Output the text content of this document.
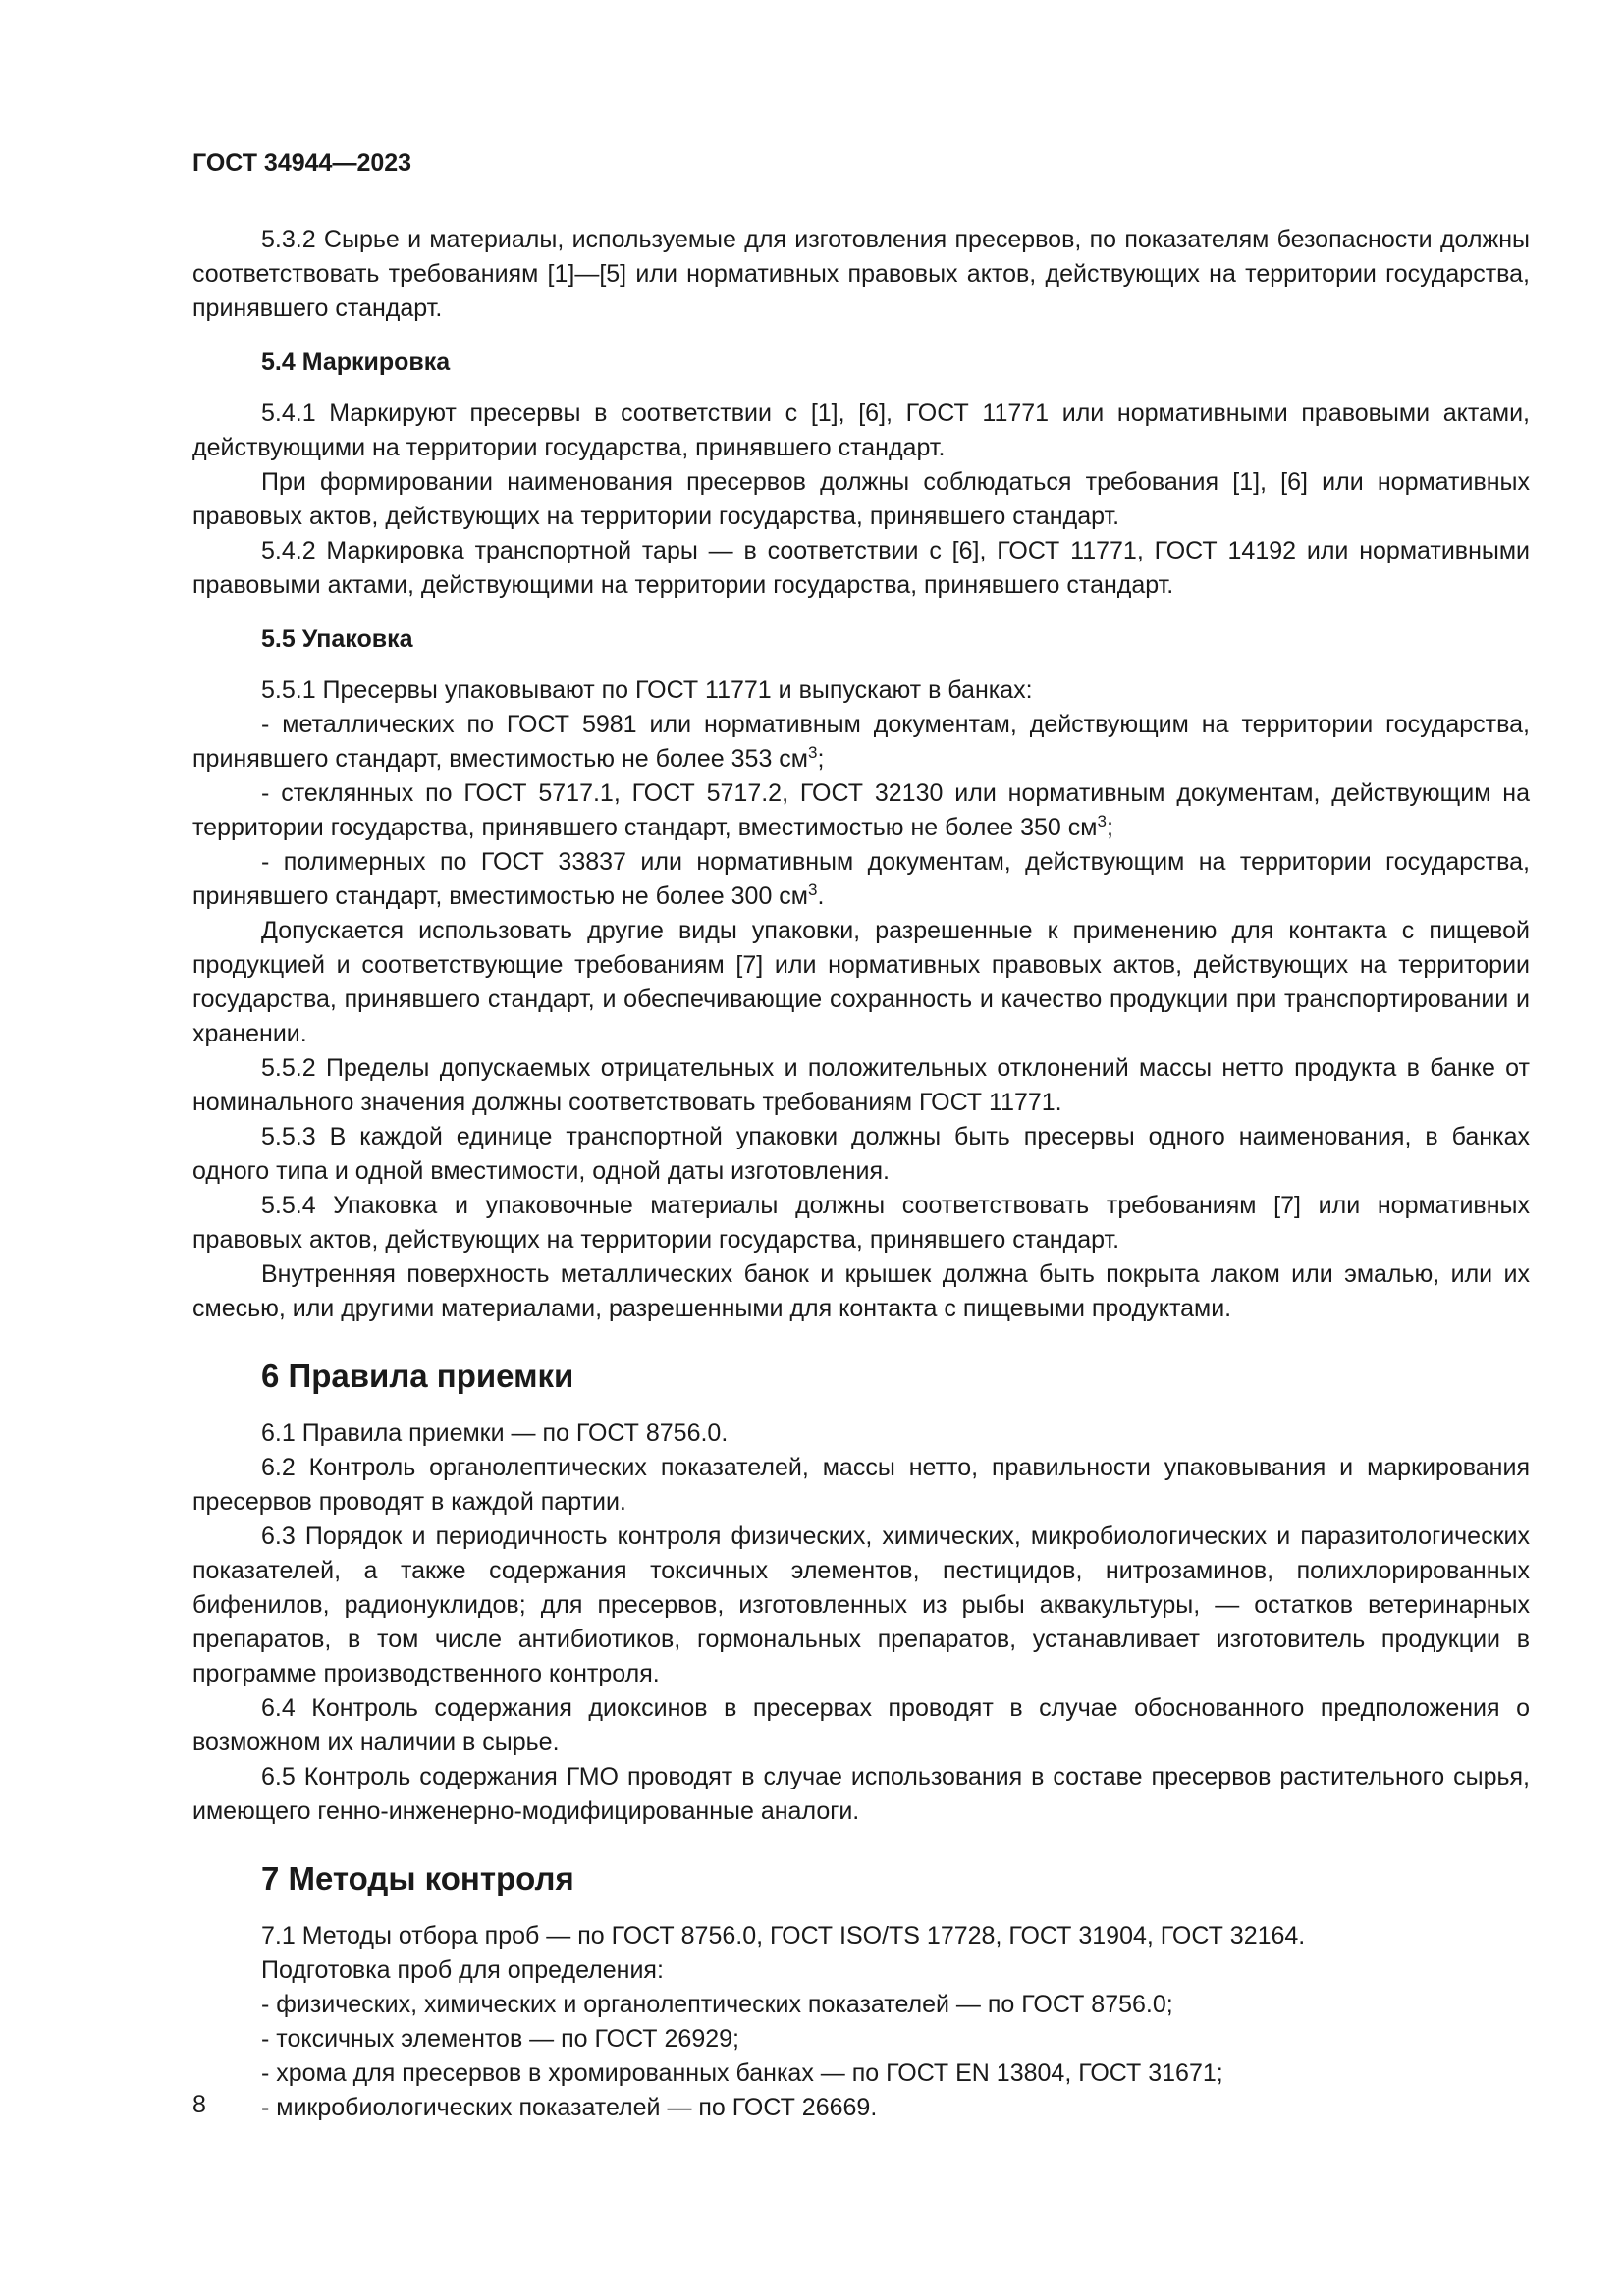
ГОСТ 34944—2023

5.3.2 Сырье и материалы, используемые для изготовления пресервов, по показателям безопасности должны соответствовать требованиям [1]—[5] или нормативных правовых актов, действующих на территории государства, принявшего стандарт.

5.4 Маркировка

5.4.1 Маркируют пресервы в соответствии с [1], [6], ГОСТ 11771 или нормативными правовыми актами, действующими на территории государства, принявшего стандарт.

При формировании наименования пресервов должны соблюдаться требования [1], [6] или нормативных правовых актов, действующих на территории государства, принявшего стандарт.

5.4.2 Маркировка транспортной тары — в соответствии с [6], ГОСТ 11771, ГОСТ 14192 или нормативными правовыми актами, действующими на территории государства, принявшего стандарт.

5.5 Упаковка

5.5.1 Пресервы упаковывают по ГОСТ 11771 и выпускают в банках:

- металлических по ГОСТ 5981 или нормативным документам, действующим на территории государства, принявшего стандарт, вместимостью не более 353 $см^3$;

- стеклянных по ГОСТ 5717.1, ГОСТ 5717.2, ГОСТ 32130 или нормативным документам, действующим на территории государства, принявшего стандарт, вместимостью не более 350 $см^3$;

- полимерных по ГОСТ 33837 или нормативным документам, действующим на территории государства, принявшего стандарт, вместимостью не более 300 $см^3$.

Допускается использовать другие виды упаковки, разрешенные к применению для контакта с пищевой продукцией и соответствующие требованиям [7] или нормативных правовых актов, действующих на территории государства, принявшего стандарт, и обеспечивающие сохранность и качество продукции при транспортировании и хранении.

5.5.2 Пределы допускаемых отрицательных и положительных отклонений массы нетто продукта в банке от номинального значения должны соответствовать требованиям ГОСТ 11771.

5.5.3 В каждой единице транспортной упаковки должны быть пресервы одного наименования, в банках одного типа и одной вместимости, одной даты изготовления.

5.5.4 Упаковка и упаковочные материалы должны соответствовать требованиям [7] или нормативных правовых актов, действующих на территории государства, принявшего стандарт.

Внутренняя поверхность металлических банок и крышек должна быть покрыта лаком или эмалью, или их смесью, или другими материалами, разрешенными для контакта с пищевыми продуктами.

6 Правила приемки

6.1 Правила приемки — по ГОСТ 8756.0.

6.2 Контроль органолептических показателей, массы нетто, правильности упаковывания и маркирования пресервов проводят в каждой партии.

6.3 Порядок и периодичность контроля физических, химических, микробиологических и паразитологических показателей, а также содержания токсичных элементов, пестицидов, нитрозаминов, полихлорированных бифенилов, радионуклидов; для пресервов, изготовленных из рыбы аквакультуры, — остатков ветеринарных препаратов, в том числе антибиотиков, гормональных препаратов, устанавливает изготовитель продукции в программе производственного контроля.

6.4 Контроль содержания диоксинов в пресервах проводят в случае обоснованного предположения о возможном их наличии в сырье.

6.5 Контроль содержания ГМО проводят в случае использования в составе пресервов растительного сырья, имеющего генно-инженерно-модифицированные аналоги.

7 Методы контроля

7.1 Методы отбора проб — по ГОСТ 8756.0, ГОСТ ISO/TS 17728, ГОСТ 31904, ГОСТ 32164.

Подготовка проб для определения:

- физических, химических и органолептических показателей — по ГОСТ 8756.0;

- токсичных элементов — по ГОСТ 26929;

- хрома для пресервов в хромированных банках — по ГОСТ EN 13804, ГОСТ 31671;

- микробиологических показателей — по ГОСТ 26669.

8
